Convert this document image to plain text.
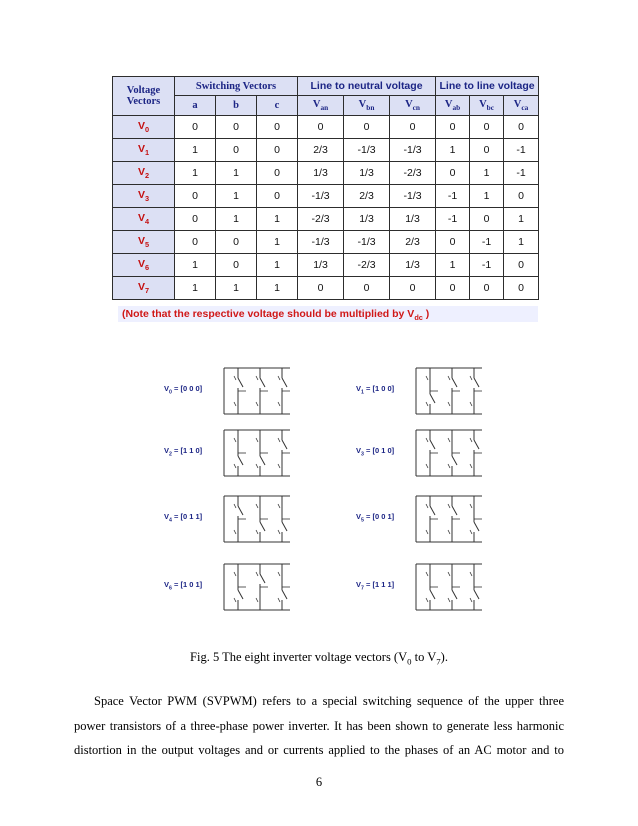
Voltage
Vectors	Switching Vectors			Line to neutral voltage			Line to line voltage		
	a	b	c	$V_{an}$	$V_{bn}$	$V_{cn}$	$V_{ab}$	$V_{bc}$	$V_{ca}$
$V_0$	0	0	0	0	0	0	0	0	0
$V_1$	1	0	0	2/3	-1/3	-1/3	1	0	-1
$V_2$	1	1	0	1/3	1/3	-2/3	0	1	-1
$V_3$	0	1	0	-1/3	2/3	-1/3	-1	1	0
$V_4$	0	1	1	-2/3	1/3	1/3	-1	0	1
$V_5$	0	0	1	-1/3	-1/3	2/3	0	-1	1
$V_6$	1	0	1	1/3	-2/3	1/3	1	-1	0
$V_7$	1	1	1	0	0	0	0	0	0
(Note that the respective voltage should be multiplied by $V_{dc}$ )
$V_0 = [0$ 0 0]	$V_1 = [1$ 0 0]
$V_2 = [1$ 1 0]	$V_3 = [0$ 1 0]
$V_4 = [0$ 1 1]	$V_5 = [0$ 0 1]
$V_6 = [1$ 0 1]	$V_7 = [1$ 1 1]
Fig. 5 The eight inverter voltage vectors ($V_0$ to $V_7$).
Space Vector PWM (SVPWM) refers to a special switching sequence of the upper three
power transistors of a three-phase power inverter. It has been shown to generate less harmonic
distortion in the output voltages and or currents applied to the phases of an AC motor and to
6
